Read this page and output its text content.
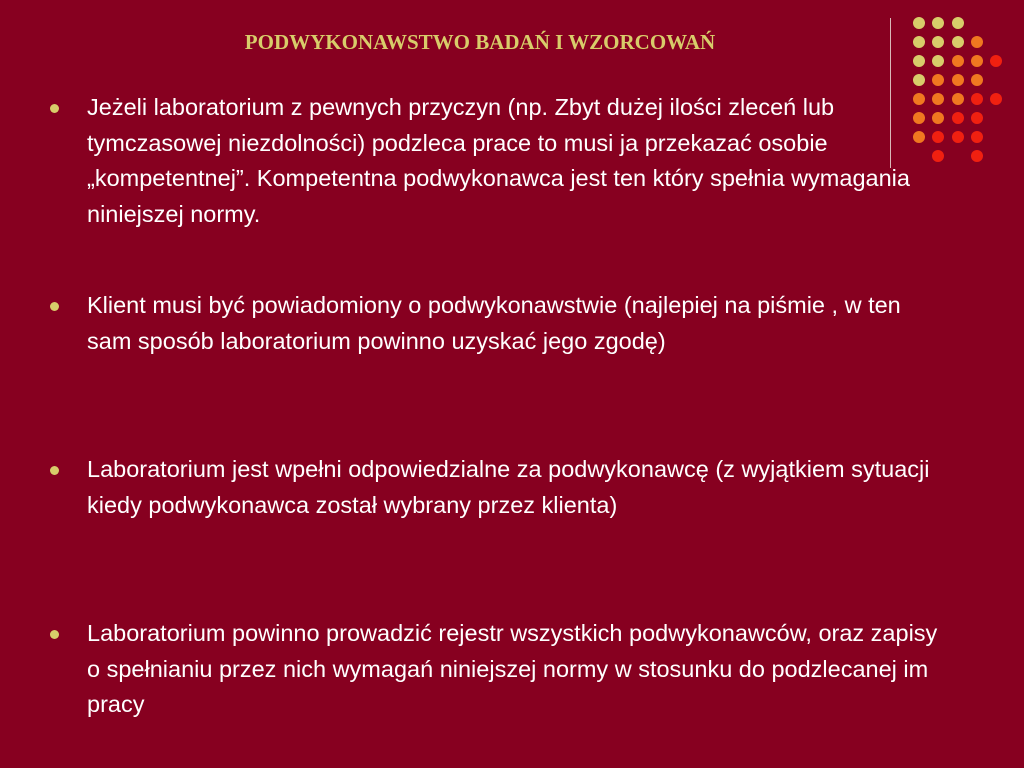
PODWYKONAWSTWO BADAŃ I WZORCOWAŃ
Jeżeli laboratorium z pewnych przyczyn (np. Zbyt dużej ilości zleceń lub tymczasowej niezdolności) podzleca prace to musi ja przekazać osobie „kompetentnej”. Kompetentna podwykonawca jest ten który spełnia wymagania niniejszej normy.
Klient musi być powiadomiony o podwykonawstwie (najlepiej na piśmie , w ten sam sposób laboratorium powinno uzyskać jego zgodę)
Laboratorium jest wpełni odpowiedzialne za podwykonawcę (z wyjątkiem sytuacji kiedy podwykonawca został wybrany przez klienta)
Laboratorium powinno prowadzić rejestr wszystkich podwykonawców, oraz zapisy o spełnianiu przez nich wymagań niniejszej normy w stosunku do podzlecanej im pracy
